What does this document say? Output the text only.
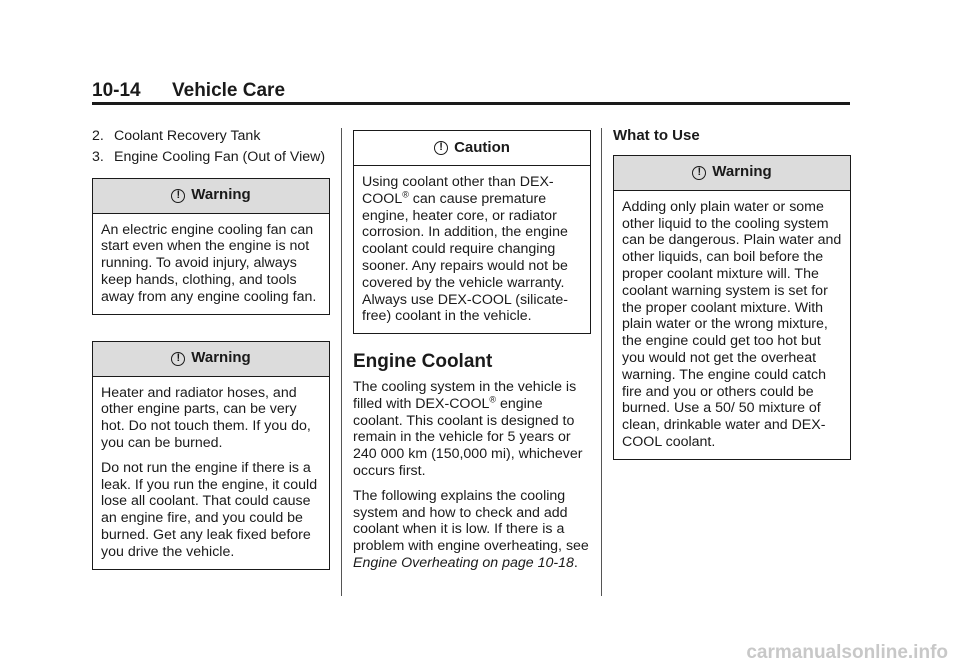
10-14 Vehicle Care
2. Coolant Recovery Tank
3. Engine Cooling Fan (Out of View)
!
Warning

An electric engine cooling fan can start even when the engine is not running. To avoid injury, always keep hands, clothing, and tools away from any engine cooling fan.

!
Warning

Heater and radiator hoses, and other engine parts, can be very hot. Do not touch them. If you do, you can be burned.

Do not run the engine if there is a leak. If you run the engine, it could lose all coolant. That could cause an engine fire, and you could be burned. Get any leak fixed before you drive the vehicle.

!
Caution

Using coolant other than DEX-COOL® can cause premature engine, heater core, or radiator corrosion. In addition, the engine coolant could require changing sooner. Any repairs would not be covered by the vehicle warranty. Always use DEX-COOL (silicate-free) coolant in the vehicle.

Engine Coolant

The cooling system in the vehicle is filled with DEX-COOL® engine coolant. This coolant is designed to remain in the vehicle for 5 years or 240 000 km (150,000 mi), whichever occurs first.

The following explains the cooling system and how to check and add coolant when it is low. If there is a problem with engine overheating, see Engine Overheating on page 10-18.

What to Use
!
Warning

Adding only plain water or some other liquid to the cooling system can be dangerous. Plain water and other liquids, can boil before the proper coolant mixture will. The coolant warning system is set for the proper coolant mixture. With plain water or the wrong mixture, the engine could get too hot but you would not get the overheat warning. The engine could catch fire and you or others could be burned. Use a 50/ 50 mixture of clean, drinkable water and DEX-COOL coolant.

carmanualsonline.info
